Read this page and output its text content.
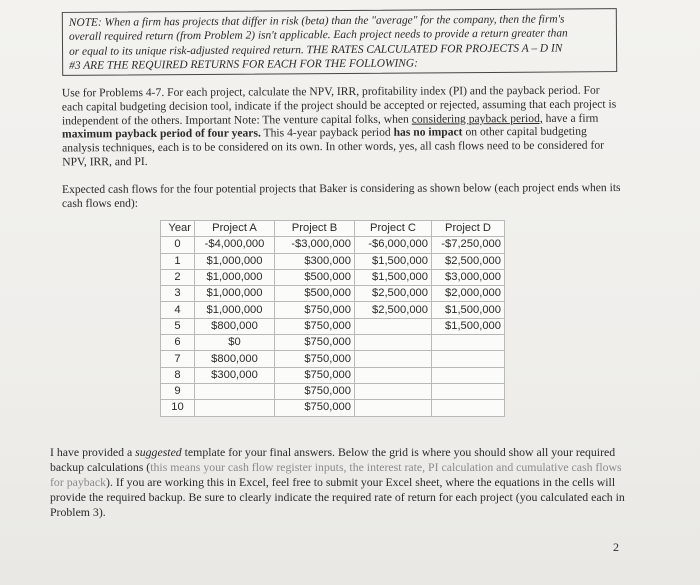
NOTE: When a firm has projects that differ in risk (beta) than the "average" for the company, then the firm's
overall required return (from Problem 2) isn't applicable. Each project needs to provide a return greater than
or equal to its unique risk-adjusted required return. THE RATES CALCULATED FOR PROJECTS A – D IN
#3 ARE THE REQUIRED RETURNS FOR EACH FOR THE FOLLOWING:
Use for Problems 4-7. For each project, calculate the NPV, IRR, profitability index (PI) and the payback period. For each capital budgeting decision tool, indicate if the project should be accepted or rejected, assuming that each project is independent of the others. Important Note: The venture capital folks, when considering payback period, have a firm maximum payback period of four years. This 4-year payback period has no impact on other capital budgeting analysis techniques, each is to be considered on its own. In other words, yes, all cash flows need to be considered for NPV, IRR, and PI.
Expected cash flows for the four potential projects that Baker is considering as shown below (each project ends when its cash flows end):
Year	Project A	Project B	Project C	Project D
0	-$4,000,000	-$3,000,000	-$6,000,000	-$7,250,000
1	$1,000,000	$300,000	$1,500,000	$2,500,000
2	$1,000,000	$500,000	$1,500,000	$3,000,000
3	$1,000,000	$500,000	$2,500,000	$2,000,000
4	$1,000,000	$750,000	$2,500,000	$1,500,000
5	$800,000	$750,000		$1,500,000
6	$0	$750,000		
7	$800,000	$750,000		
8	$300,000	$750,000		
9		$750,000		
10		$750,000		
I have provided a suggested template for your final answers. Below the grid is where you should show all your required backup calculations (this means your cash flow register inputs, the interest rate, PI calculation and cumulative cash flows for payback). If you are working this in Excel, feel free to submit your Excel sheet, where the equations in the cells will provide the required backup. Be sure to clearly indicate the required rate of return for each project (you calculated each in Problem 3).
2
